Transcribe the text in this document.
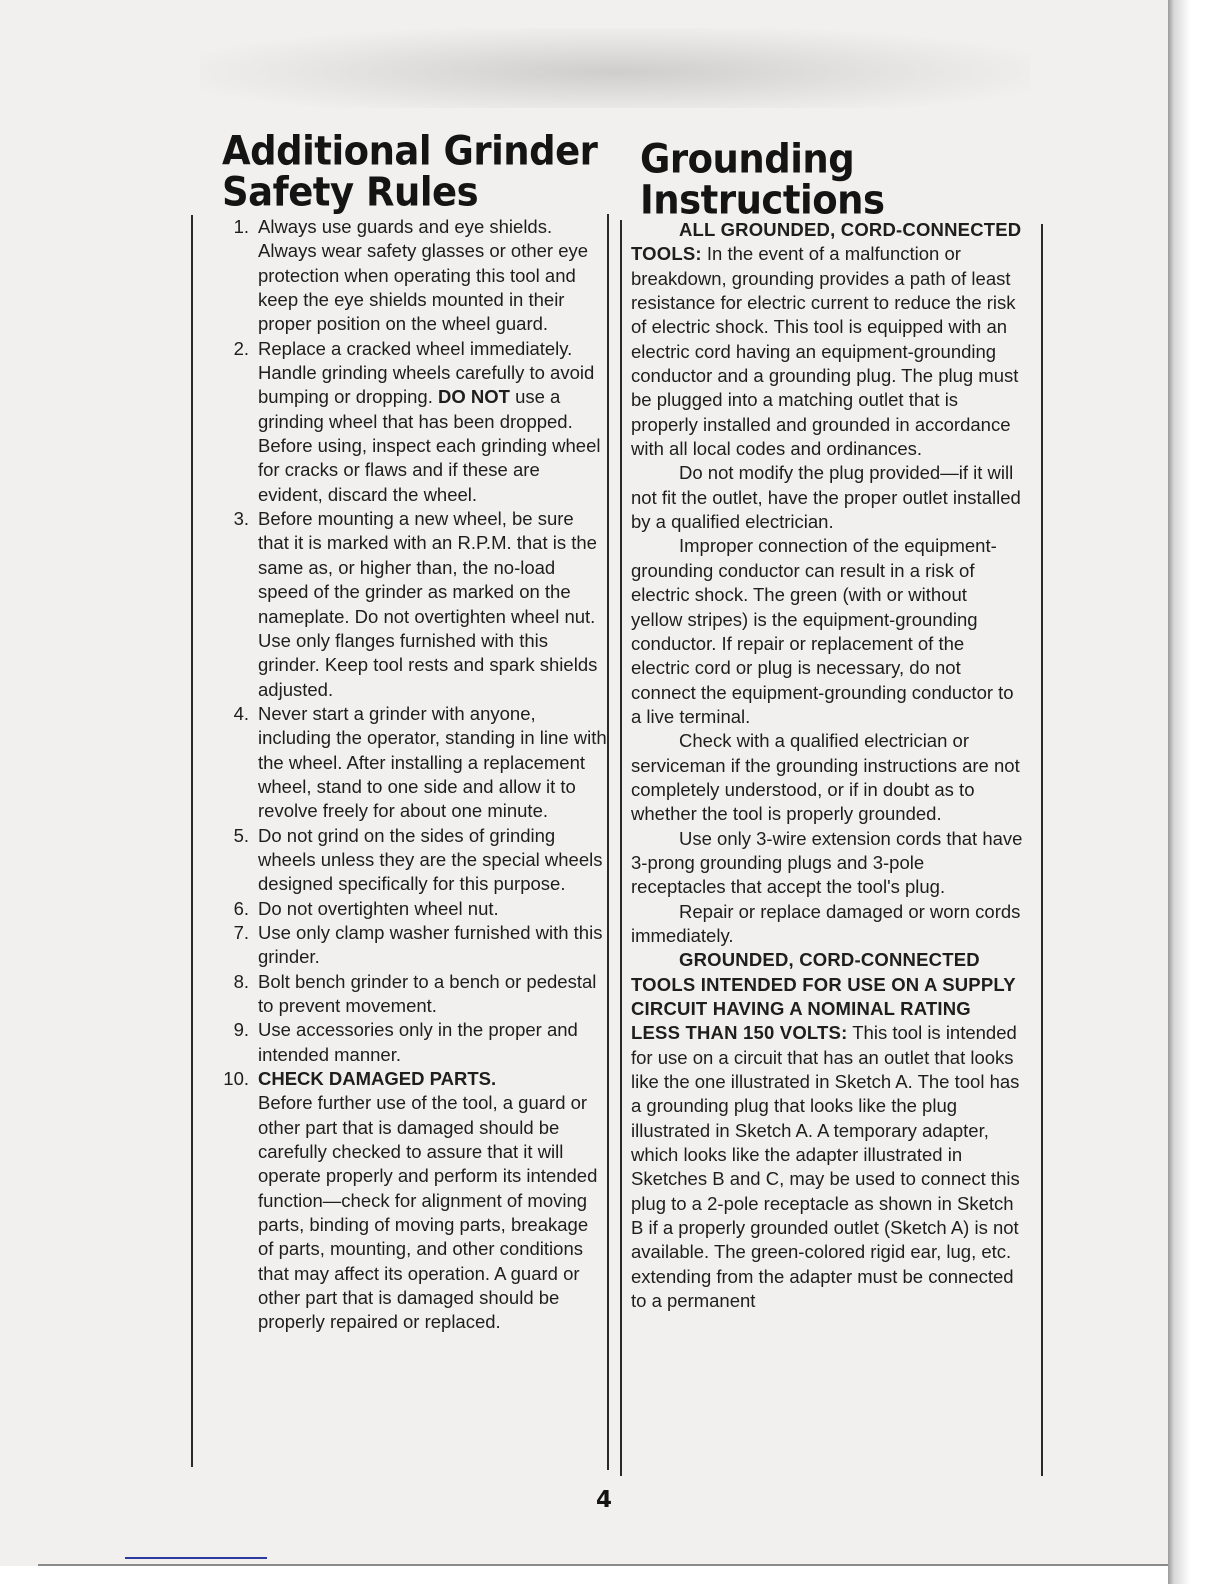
Additional Grinder
Safety Rules
Grounding
Instructions
1. Always use guards and eye shields. Always wear safety glasses or other eye protection when operating this tool and keep the eye shields mounted in their proper position on the wheel guard.
2. Replace a cracked wheel immediately. Handle grinding wheels carefully to avoid bumping or dropping. DO NOT use a grinding wheel that has been dropped. Before using, inspect each grinding wheel for cracks or flaws and if these are evident, discard the wheel.
3. Before mounting a new wheel, be sure that it is marked with an R.P.M. that is the same as, or higher than, the no-load speed of the grinder as marked on the nameplate. Do not overtighten wheel nut. Use only flanges furnished with this grinder. Keep tool rests and spark shields adjusted.
4. Never start a grinder with anyone, including the operator, standing in line with the wheel. After installing a replacement wheel, stand to one side and allow it to revolve freely for about one minute.
5. Do not grind on the sides of grinding wheels unless they are the special wheels designed specifically for this purpose.
6. Do not overtighten wheel nut.
7. Use only clamp washer furnished with this grinder.
8. Bolt bench grinder to a bench or pedestal to prevent movement.
9. Use accessories only in the proper and intended manner.
10. CHECK DAMAGED PARTS.
Before further use of the tool, a guard or other part that is damaged should be carefully checked to assure that it will operate properly and perform its intended function—check for alignment of moving parts, binding of moving parts, breakage of parts, mounting, and other conditions that may affect its operation. A guard or other part that is damaged should be properly repaired or replaced.

ALL GROUNDED, CORD-CONNECTED TOOLS: In the event of a malfunction or breakdown, grounding provides a path of least resistance for electric current to reduce the risk of electric shock. This tool is equipped with an electric cord having an equipment-grounding conductor and a grounding plug. The plug must be plugged into a matching outlet that is properly installed and grounded in accordance with all local codes and ordinances.

Do not modify the plug provided—if it will not fit the outlet, have the proper outlet installed by a qualified electrician.

Improper connection of the equipment-grounding conductor can result in a risk of electric shock. The green (with or without yellow stripes) is the equipment-grounding conductor. If repair or replacement of the electric cord or plug is necessary, do not connect the equipment-grounding conductor to a live terminal.

Check with a qualified electrician or serviceman if the grounding instructions are not completely understood, or if in doubt as to whether the tool is properly grounded.

Use only 3-wire extension cords that have 3-prong grounding plugs and 3-pole receptacles that accept the tool's plug.

Repair or replace damaged or worn cords immediately.

GROUNDED, CORD-CONNECTED TOOLS INTENDED FOR USE ON A SUPPLY CIRCUIT HAVING A NOMINAL RATING LESS THAN 150 VOLTS: This tool is intended for use on a circuit that has an outlet that looks like the one illustrated in Sketch A. The tool has a grounding plug that looks like the plug illustrated in Sketch A. A temporary adapter, which looks like the adapter illustrated in Sketches B and C, may be used to connect this plug to a 2-pole receptacle as shown in Sketch B if a properly grounded outlet (Sketch A) is not available. The green-colored rigid ear, lug, etc. extending from the adapter must be connected to a permanent

4
